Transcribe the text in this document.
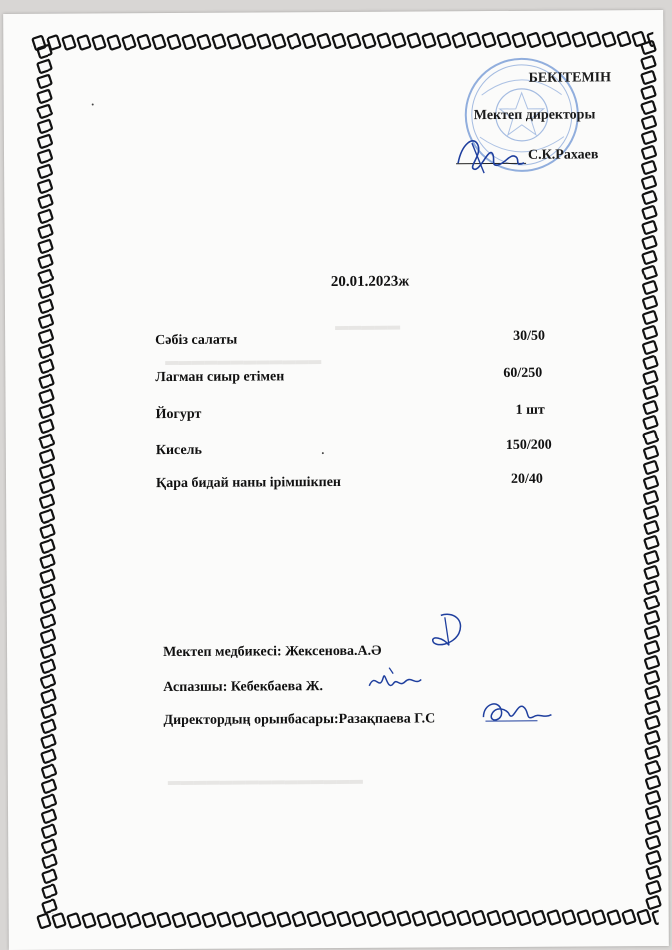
▬▬▬▬▬
▬▬▬▬▬▬▬▬▬▬▬▬
▬▬▬▬▬▬▬▬▬▬▬▬▬▬▬
БЕКІТЕМІН
Мектеп директоры
С.К.Рахаев
20.01.2023ж
Сәбіз салаты	30/50
Лагман сиыр етімен	60/250
Йогурт	1 шт
Кисель	150/200
Қара бидай наны ірімшікпен	20/40
Мектеп медбикесі: Жексенова.А.Ә
Аспазшы: Кебекбаева Ж.
Директордың орынбасары:Разақпаева Г.С
